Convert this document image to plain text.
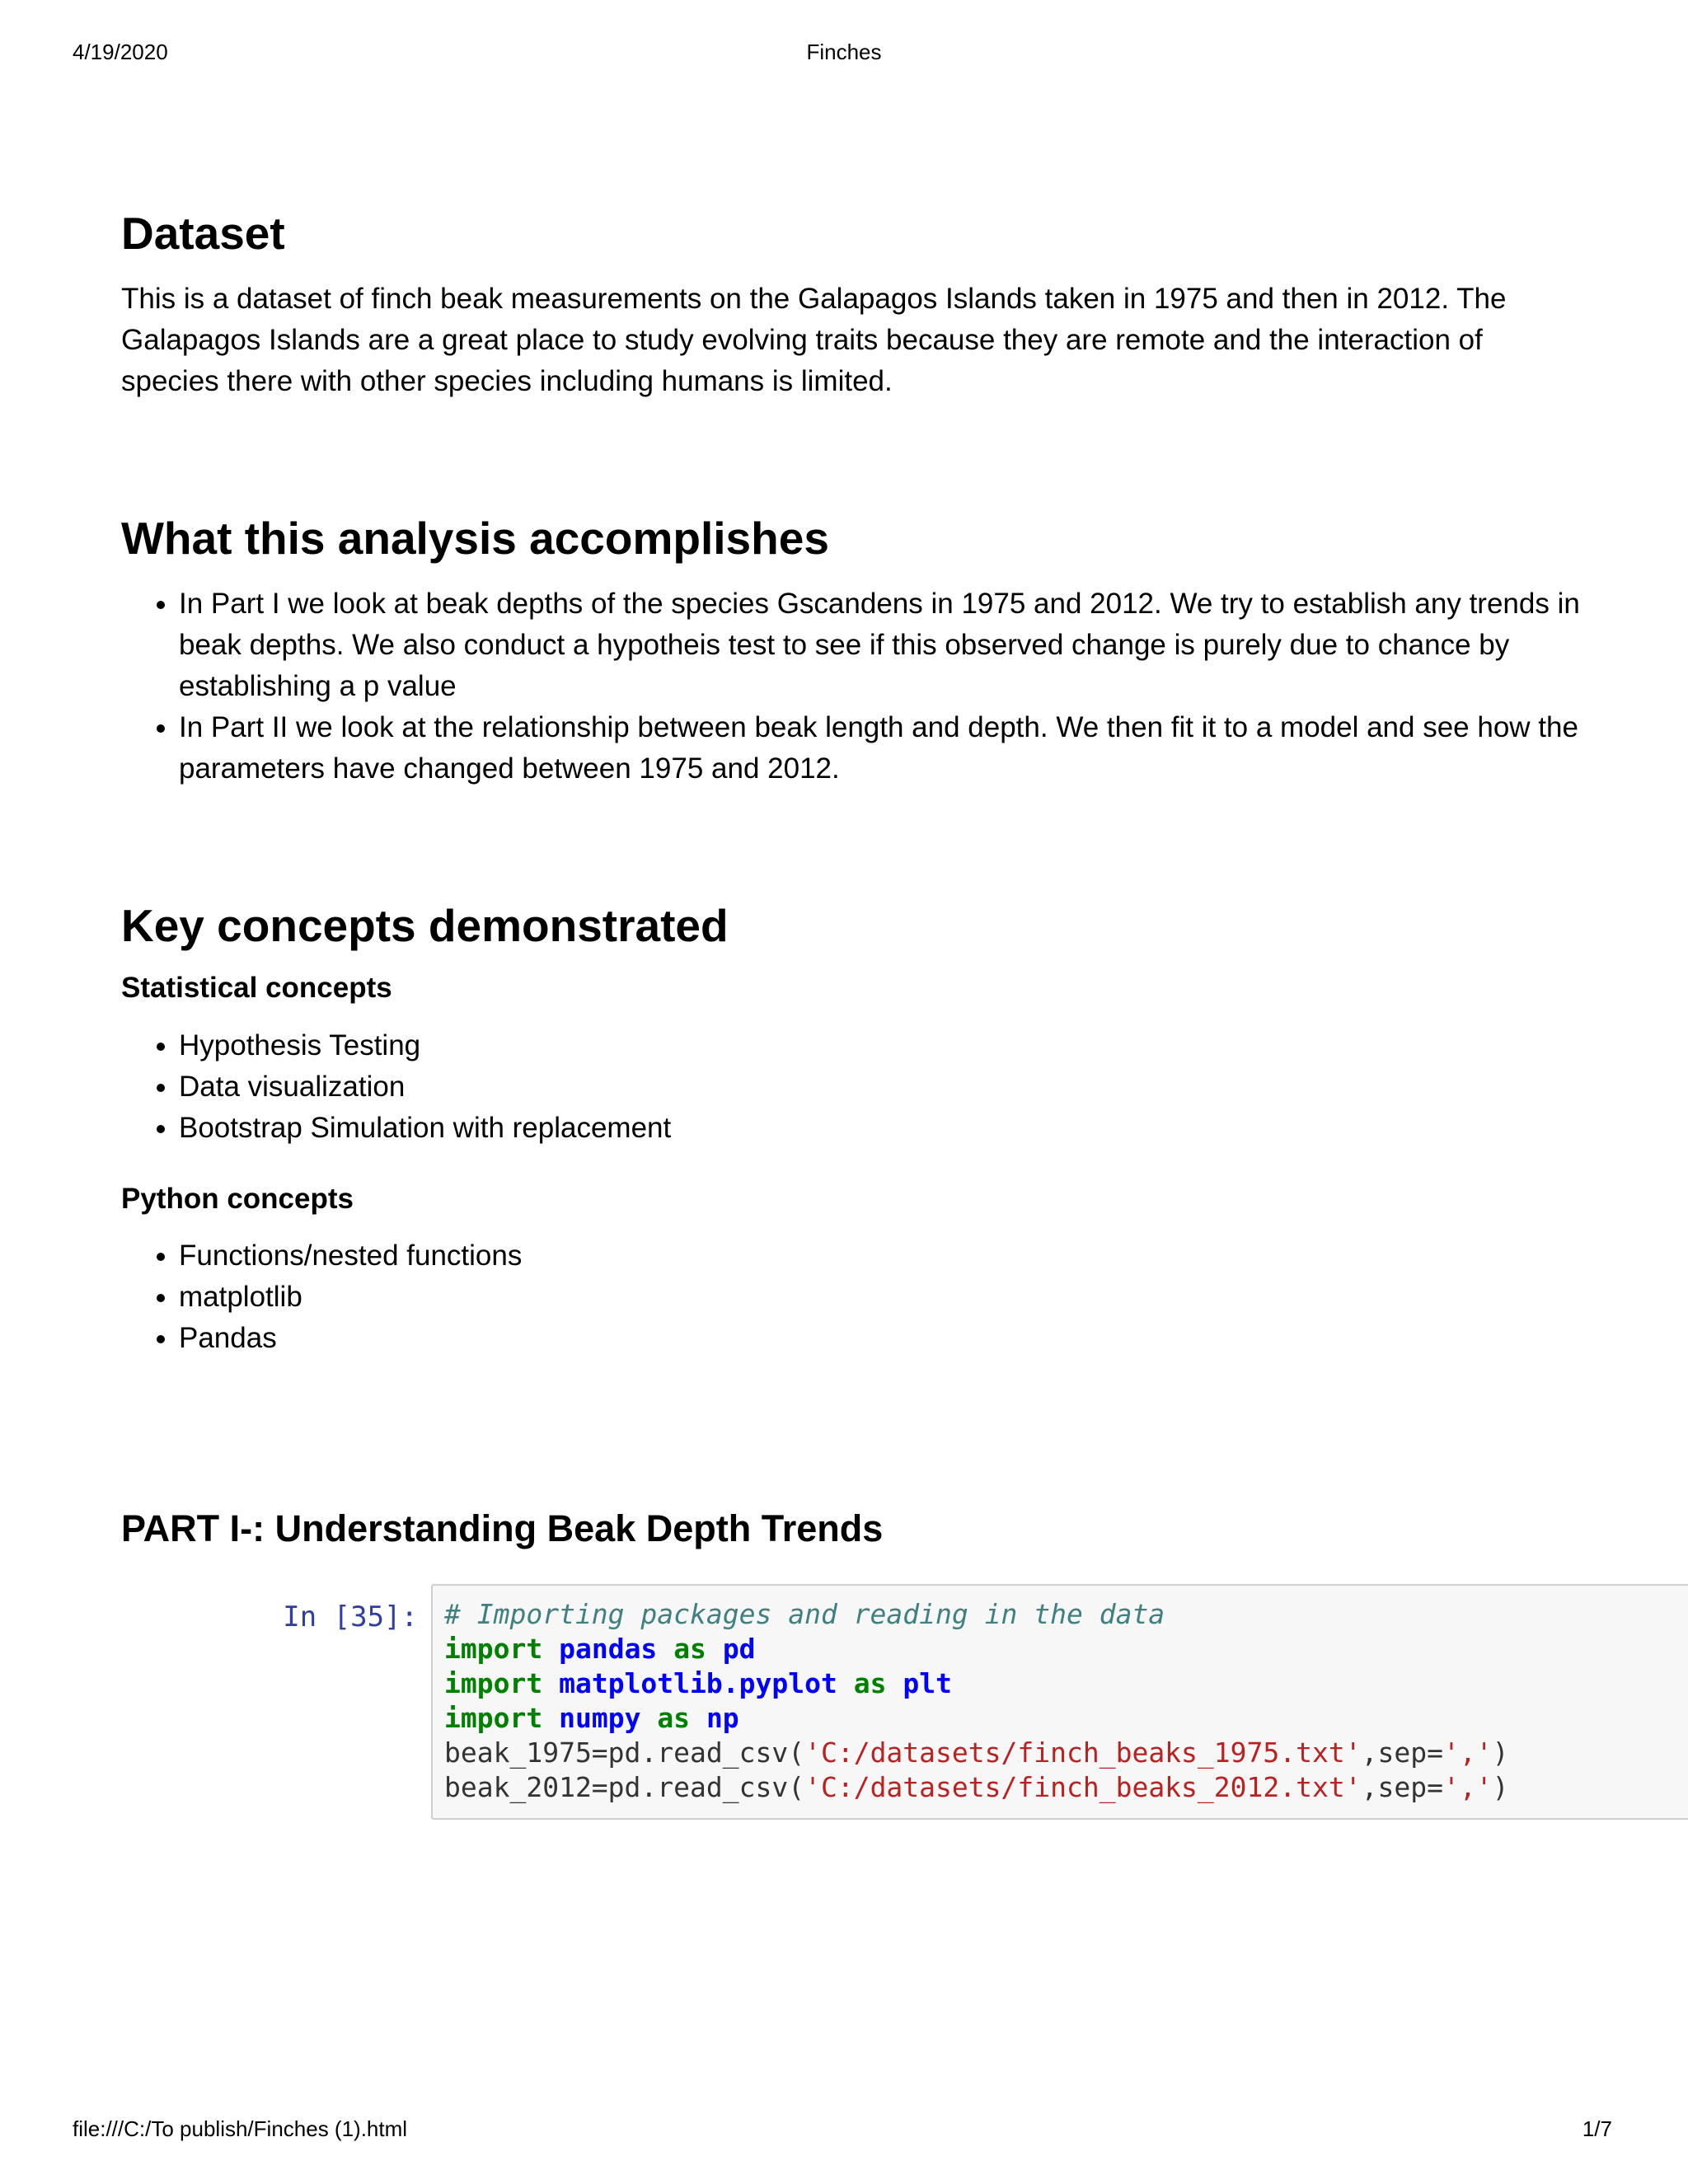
4/19/2020	Finches
Dataset

This is a dataset of finch beak measurements on the Galapagos Islands taken in 1975 and then in 2012. The Galapagos Islands are a great place to study evolving traits because they are remote and the interaction of species there with other species including humans is limited.

What this analysis accomplishes
• In Part I we look at beak depths of the species Gscandens in 1975 and 2012. We try to establish any trends in beak depths. We also conduct a hypotheis test to see if this observed change is purely due to chance by establishing a p value
• In Part II we look at the relationship between beak length and depth. We then fit it to a model and see how the parameters have changed between 1975 and 2012.
Key concepts demonstrated
Statistical concepts
• Hypothesis Testing
• Data visualization
• Bootstrap Simulation with replacement
Python concepts
• Functions/nested functions
• matplotlib
• Pandas
PART I-: Understanding Beak Depth Trends
In [35]: # Importing packages and reading in the data
import pandas as pd
import matplotlib.pyplot as plt
import numpy as np
beak_1975=pd.read_csv('C:/datasets/finch_beaks_1975.txt',sep=',')
beak_2012=pd.read_csv('C:/datasets/finch_beaks_2012.txt',sep=',')
file:///C:/To publish/Finches (1).html	1/7
